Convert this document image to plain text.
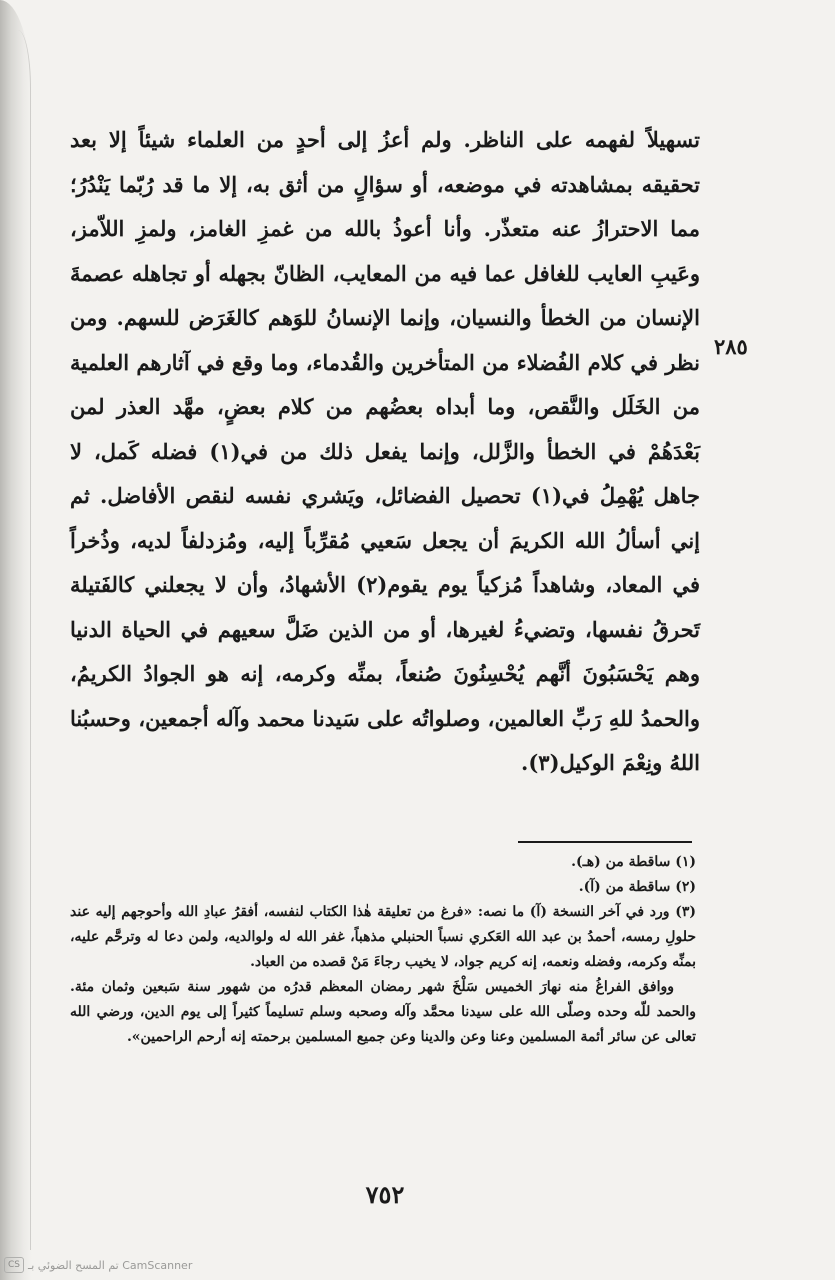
تسهيلاً لفهمه على الناظر. ولم أعزُ إلى أحدٍ من العلماء شيئاً إلا بعد تحقيقه بمشاهدته في موضعه، أو سؤالٍ من أثق به، إلا ما قد رُبّما يَنْدُرُ؛ مما الاحترازُ عنه متعذّر. وأنا أعوذُ بالله من غمزِ الغامز، ولمزِ اللاّمز، وعَيبِ العايب للغافل عما فيه من المعايب، الظانّ بجهله أو تجاهله عصمةَ الإنسان من الخطأ والنسيان، وإنما الإنسانُ للوَهم كالغَرَض للسهم. ومن نظر في كلام الفُضلاء من المتأخرين والقُدماء، وما وقع في آثارهم العلمية من الخَلَل والنَّقص، وما أبداه بعضُهم من كلام بعضٍ، مهَّد العذر لمن بَعْدَهُمْ في الخطأ والزَّلل، وإنما يفعل ذلك من في(١) فضله كَمل، لا جاهل يُهْمِلُ في(١) تحصيل الفضائل، ويَشري نفسه لنقص الأفاضل. ثم إني أسألُ الله الكريمَ أن يجعل سَعيي مُقرِّباً إليه، ومُزدلفاً لديه، وذُخراً في المعاد، وشاهداً مُزكياً يوم يقوم(٢) الأشهادُ، وأن لا يجعلني كالفَتيلة تَحرقُ نفسها، وتضيءُ لغيرها، أو من الذين ضَلَّ سعيهم في الحياة الدنيا وهم يَحْسَبُونَ أنَّهم يُحْسِنُونَ صُنعاً، بمنِّه وكرمه، إنه هو الجوادُ الكريمُ، والحمدُ للهِ رَبِّ العالمين، وصلواتُه على سَيدنا محمد وآله أجمعين، وحسبُنا اللهُ ونِعْمَ الوكيل(٣).

٢٨٥

(١) ساقطة من (هـ).

(٢) ساقطة من (آ).

(٣) ورد في آخر النسخة (آ) ما نصه: «فرغ من تعليقة هٰذا الكتاب لنفسه، أفقرُ عبادِ الله وأحوجهم إليه عند حلولِ رمسه، أحمدُ بن عبد الله العَكري نسباً الحنبلي مذهباً، غفر الله له ولوالديه، ولمن دعا له وترحَّم عليه، بمنِّه وكرمه، وفضله ونعمه، إنه كريم جواد، لا يخيب رجاءَ مَنْ قصده من العباد.

ووافق الفراغُ منه نهارَ الخميس سَلْخَ شهر رمضان المعظم قدرُه من شهور سنة سَبعين وثمان مئة. والحمد للّه وحده وصلّى الله على سيدنا محمَّد وآله وصحبه وسلم تسليماً كثيراً إلى يوم الدين، ورضي الله تعالى عن سائر أئمة المسلمين وعنا وعن والدينا وعن جميع المسلمين برحمته إنه أرحم الراحمين».

٧٥٢
CS تم المسح الضوئي بـ CamScanner
